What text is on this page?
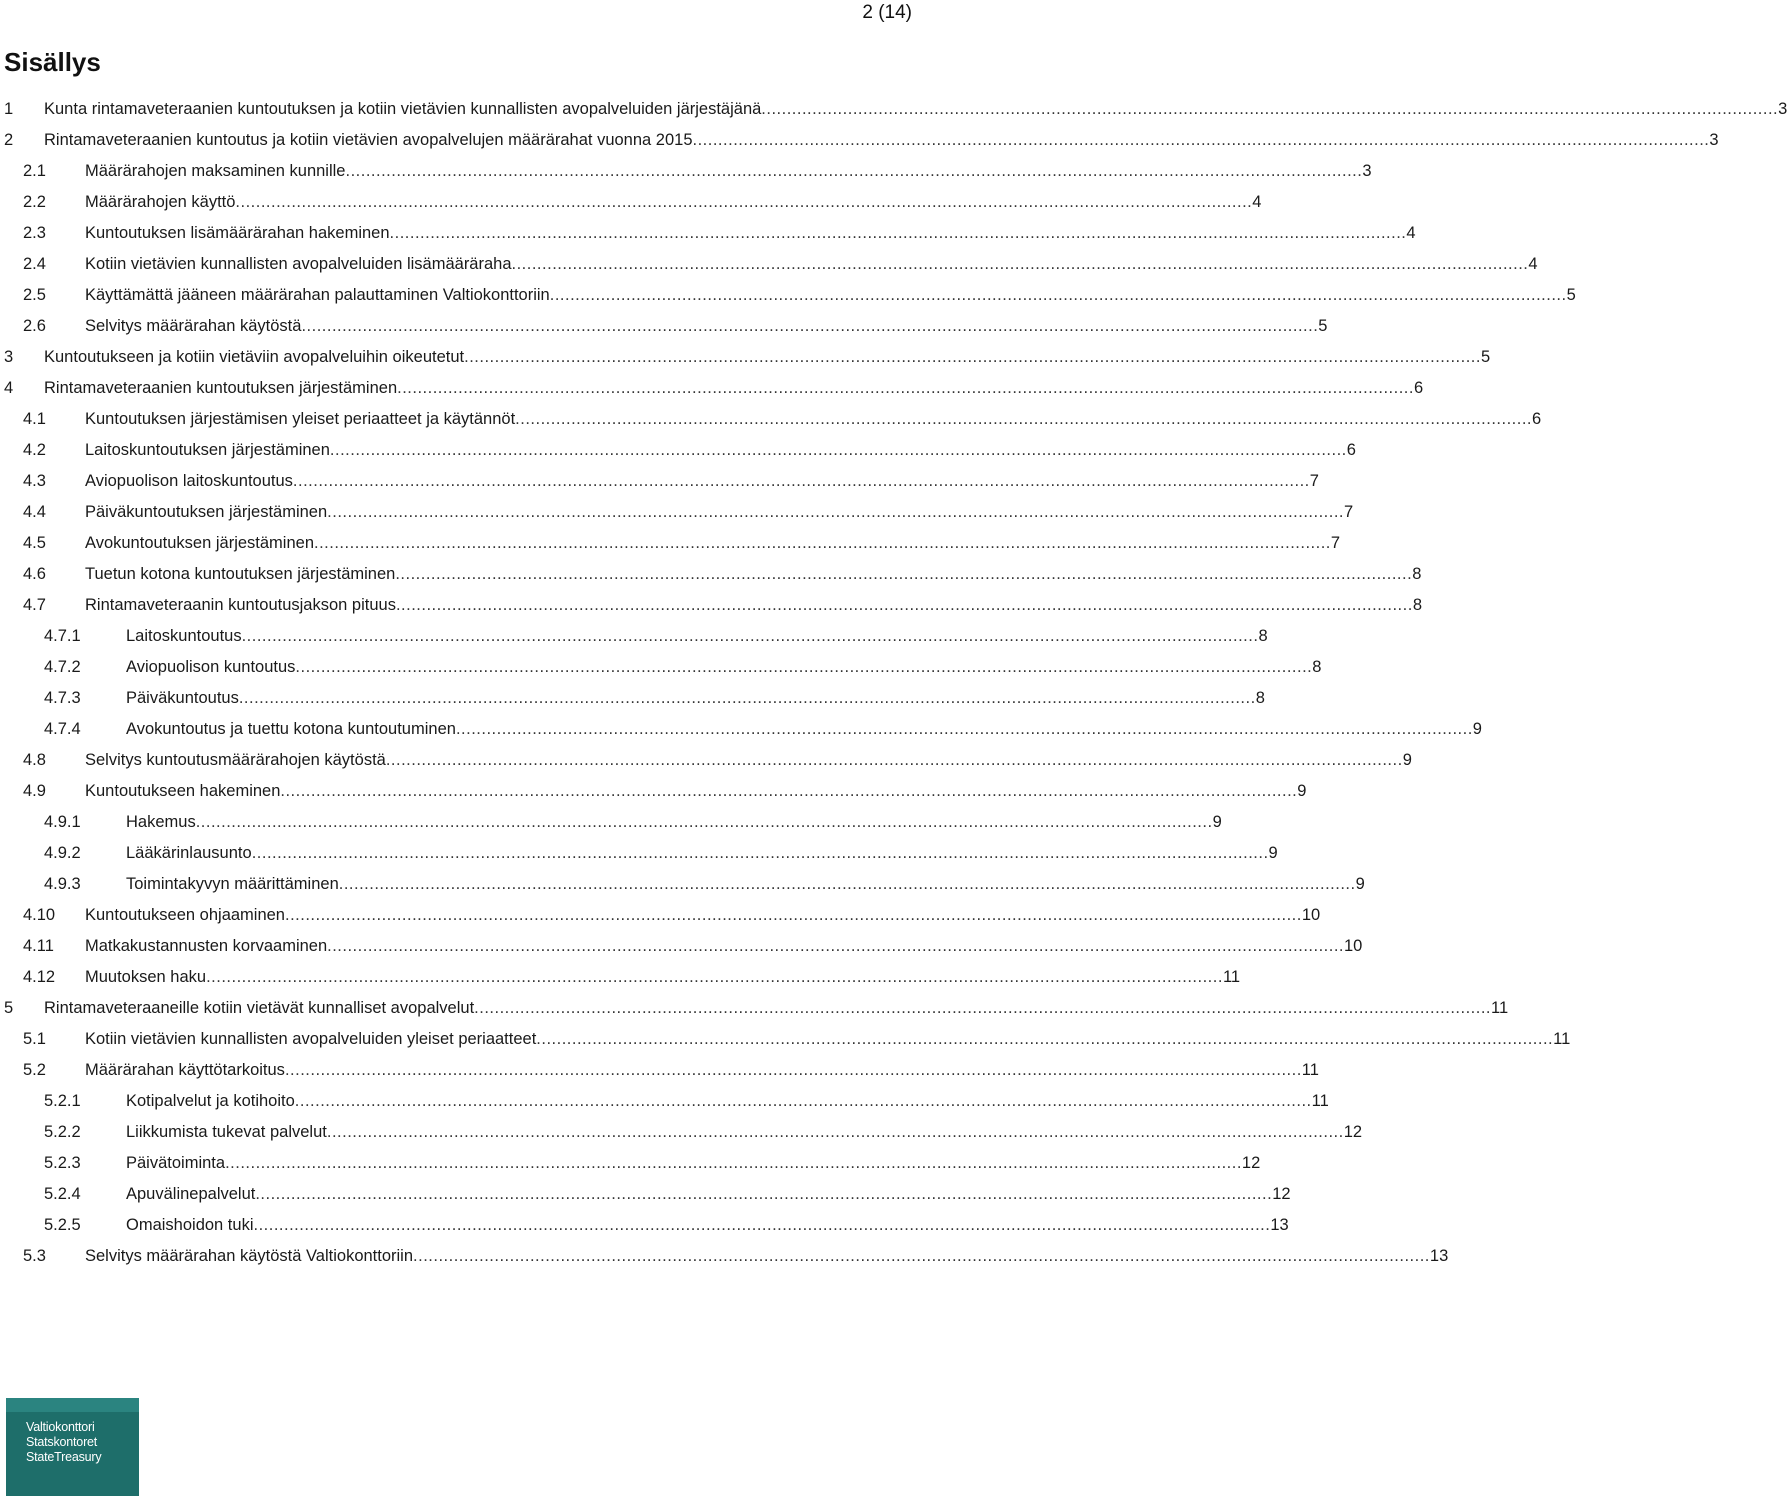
2 (14)
Sisällys
1 Kunta rintamaveteraanien kuntoutuksen ja kotiin vietävien kunnallisten avopalveluiden järjestäjänä ........................................................................................................................................................................................................ 3
2 Rintamaveteraanien kuntoutus ja kotiin vietävien avopalvelujen määrärahat vuonna 2015 ........................................................................................................................................................................................................ 3
2.1 Määrärahojen maksaminen kunnille ........................................................................................................................................................................................................ 3
2.2 Määrärahojen käyttö ........................................................................................................................................................................................................ 4
2.3 Kuntoutuksen lisämäärärahan hakeminen ........................................................................................................................................................................................................ 4
2.4 Kotiin vietävien kunnallisten avopalveluiden lisämääräraha ........................................................................................................................................................................................................ 4
2.5 Käyttämättä jääneen määrärahan palauttaminen Valtiokonttoriin ........................................................................................................................................................................................................ 5
2.6 Selvitys määrärahan käytöstä ........................................................................................................................................................................................................ 5
3 Kuntoutukseen ja kotiin vietäviin avopalveluihin oikeutetut ........................................................................................................................................................................................................ 5
4 Rintamaveteraanien kuntoutuksen järjestäminen ........................................................................................................................................................................................................ 6
4.1 Kuntoutuksen järjestämisen yleiset periaatteet ja käytännöt ........................................................................................................................................................................................................ 6
4.2 Laitoskuntoutuksen järjestäminen ........................................................................................................................................................................................................ 6
4.3 Aviopuolison laitoskuntoutus ........................................................................................................................................................................................................ 7
4.4 Päiväkuntoutuksen järjestäminen ........................................................................................................................................................................................................ 7
4.5 Avokuntoutuksen järjestäminen ........................................................................................................................................................................................................ 7
4.6 Tuetun kotona kuntoutuksen järjestäminen ........................................................................................................................................................................................................ 8
4.7 Rintamaveteraanin kuntoutusjakson pituus ........................................................................................................................................................................................................ 8
4.7.1	Laitoskuntoutus ........................................................................................................................................................................................................ 8
4.7.2	Aviopuolison kuntoutus ........................................................................................................................................................................................................ 8
4.7.3	Päiväkuntoutus ........................................................................................................................................................................................................ 8
4.7.4	Avokuntoutus ja tuettu kotona kuntoutuminen ........................................................................................................................................................................................................ 9
4.8 Selvitys kuntoutusmäärärahojen käytöstä ........................................................................................................................................................................................................ 9
4.9 Kuntoutukseen hakeminen ........................................................................................................................................................................................................ 9
4.9.1	Hakemus ........................................................................................................................................................................................................ 9
4.9.2	Lääkärinlausunto ........................................................................................................................................................................................................ 9
4.9.3	Toimintakyvyn määrittäminen ........................................................................................................................................................................................................ 9
4.10 Kuntoutukseen ohjaaminen ........................................................................................................................................................................................................ 10
4.11 Matkakustannusten korvaaminen ........................................................................................................................................................................................................ 10
4.12 Muutoksen haku ........................................................................................................................................................................................................ 11
5 Rintamaveteraaneille kotiin vietävät kunnalliset avopalvelut ........................................................................................................................................................................................................ 11
5.1 Kotiin vietävien kunnallisten avopalveluiden yleiset periaatteet ........................................................................................................................................................................................................ 11
5.2 Määrärahan käyttötarkoitus ........................................................................................................................................................................................................ 11
5.2.1	Kotipalvelut ja kotihoito ........................................................................................................................................................................................................ 11
5.2.2	Liikkumista tukevat palvelut ........................................................................................................................................................................................................ 12
5.2.3	Päivätoiminta ........................................................................................................................................................................................................ 12
5.2.4	Apuvälinepalvelut ........................................................................................................................................................................................................ 12
5.2.5	Omaishoidon tuki ........................................................................................................................................................................................................ 13
5.3 Selvitys määrärahan käytöstä Valtiokonttoriin ........................................................................................................................................................................................................ 13
Valtiokonttori
Statskontoret
StateTreasury
